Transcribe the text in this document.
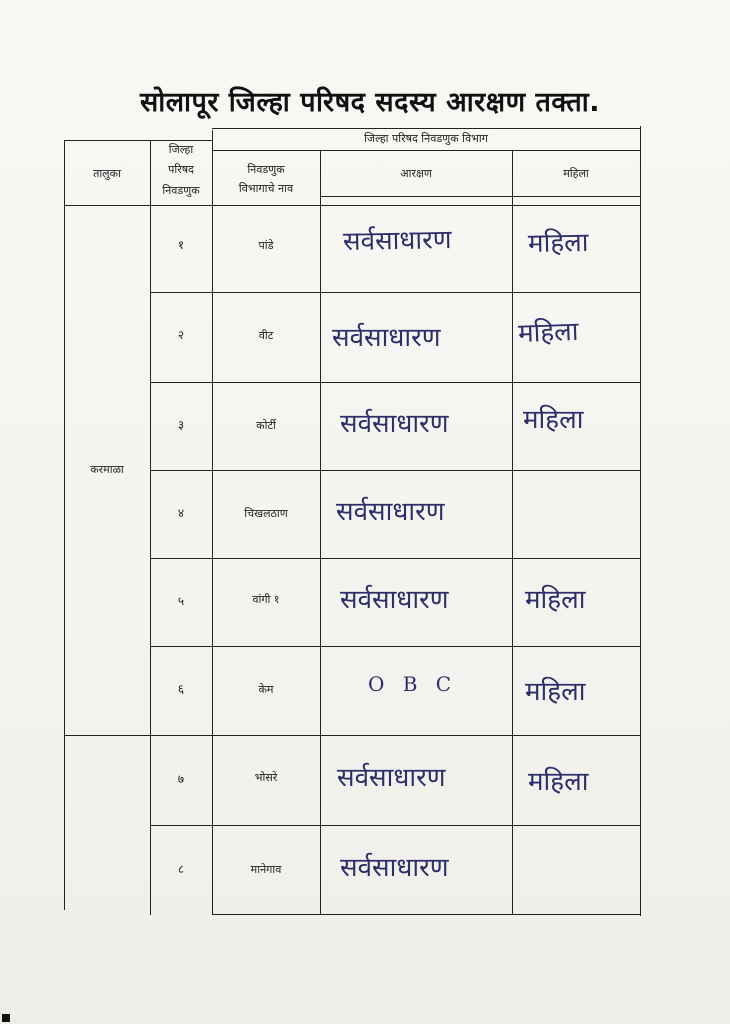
सोलापूर जिल्हा परिषद सदस्य आरक्षण तक्ता.
तालुका
जिल्हा
परिषद
निवडणुक
जिल्हा परिषद निवडणुक विभाग
निवडणुक
विभागाचे नाव
आरक्षण	महिला
करमाळा
१	पांडे	सर्वसाधारण	महिला
२	वीट	सर्वसाधारण	महिला
३	कोर्टी	सर्वसाधारण	महिला
४	चिखलठाण	सर्वसाधारण
५	वांगी १	सर्वसाधारण	महिला
६	केम	O B C	महिला
७	भोसरे	सर्वसाधारण	महिला
८	मानेगाव	सर्वसाधारण
